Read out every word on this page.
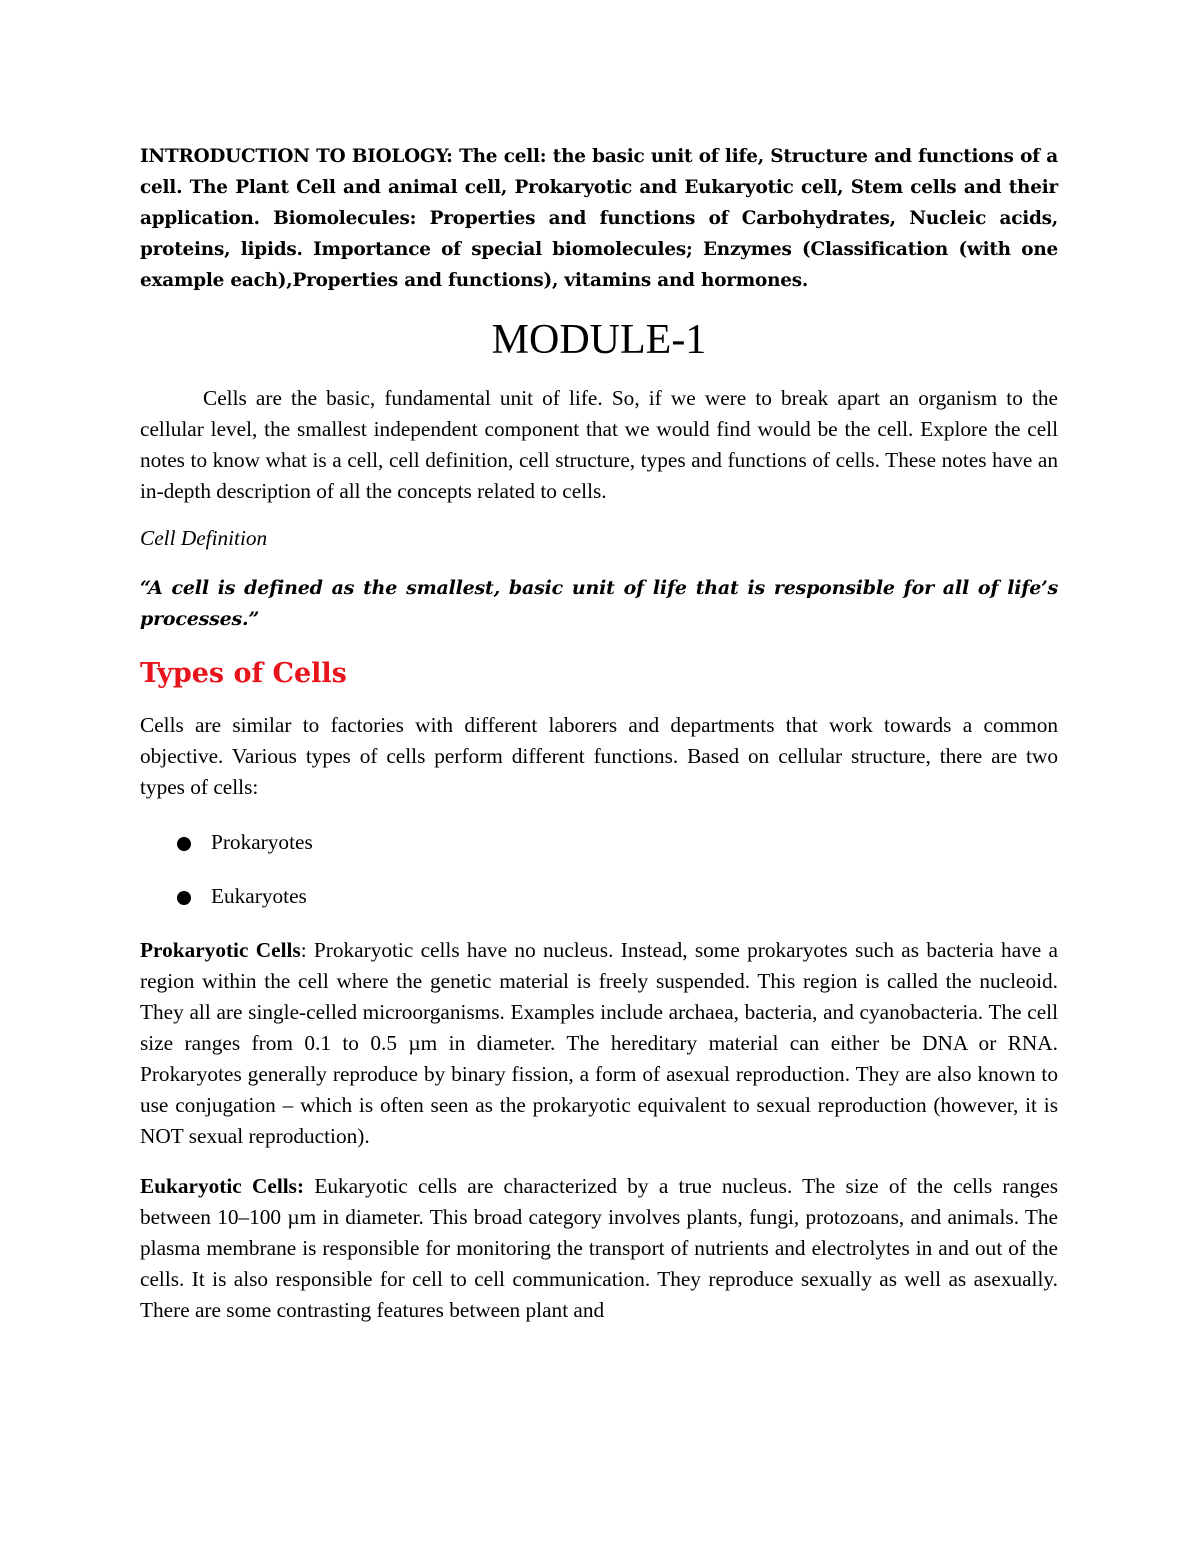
INTRODUCTION TO BIOLOGY: The cell: the basic unit of life, Structure and functions of a cell. The Plant Cell and animal cell, Prokaryotic and Eukaryotic cell, Stem cells and their application. Biomolecules: Properties and functions of Carbohydrates, Nucleic acids, proteins, lipids. Importance of special biomolecules; Enzymes (Classification (with one example each),Properties and functions), vitamins and hormones.

MODULE-1

Cells are the basic, fundamental unit of life. So, if we were to break apart an organism to the cellular level, the smallest independent component that we would find would be the cell. Explore the cell notes to know what is a cell, cell definition, cell structure, types and functions of cells. These notes have an in-depth description of all the concepts related to cells.

Cell Definition

“A cell is defined as the smallest, basic unit of life that is responsible for all of life’s processes.”

Types of Cells

Cells are similar to factories with different laborers and departments that work towards a common objective. Various types of cells perform different functions. Based on cellular structure, there are two types of cells:

Prokaryotes
Eukaryotes

Prokaryotic Cells: Prokaryotic cells have no nucleus. Instead, some prokaryotes such as bacteria have a region within the cell where the genetic material is freely suspended. This region is called the nucleoid. They all are single-celled microorganisms. Examples include archaea, bacteria, and cyanobacteria. The cell size ranges from 0.1 to 0.5 µm in diameter. The hereditary material can either be DNA or RNA. Prokaryotes generally reproduce by binary fission, a form of asexual reproduction. They are also known to use conjugation – which is often seen as the prokaryotic equivalent to sexual reproduction (however, it is NOT sexual reproduction).

Eukaryotic Cells: Eukaryotic cells are characterized by a true nucleus. The size of the cells ranges between 10–100 µm in diameter. This broad category involves plants, fungi, protozoans, and animals. The plasma membrane is responsible for monitoring the transport of nutrients and electrolytes in and out of the cells. It is also responsible for cell to cell communication. They reproduce sexually as well as asexually. There are some contrasting features between plant and
